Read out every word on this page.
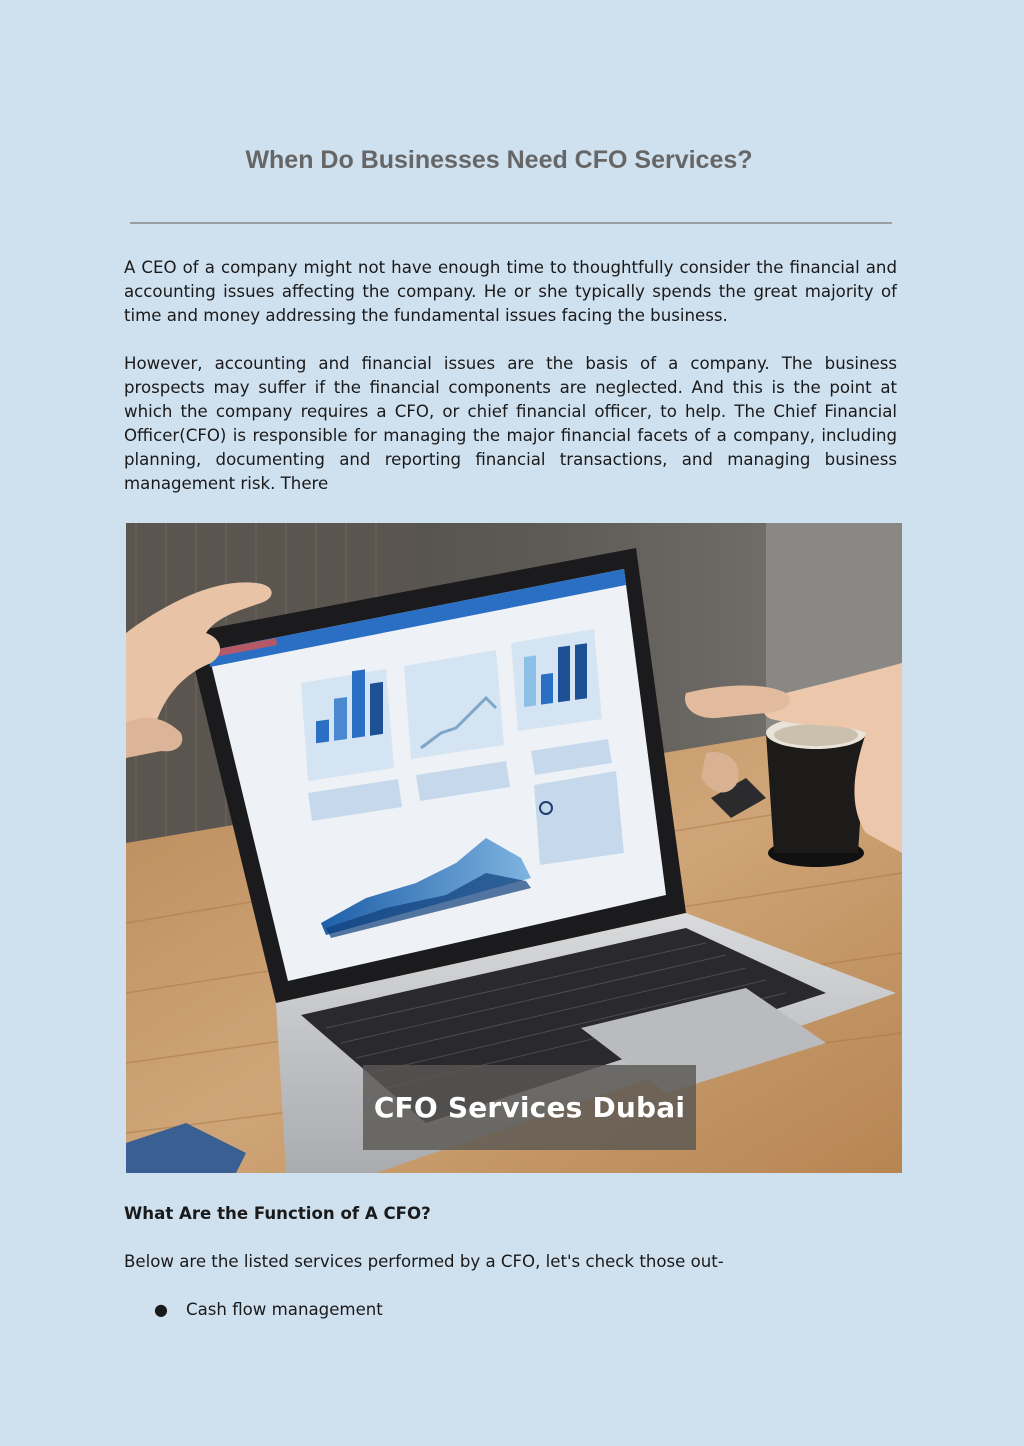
When Do Businesses Need CFO Services?

A CEO of a company might not have enough time to thoughtfully consider the financial and accounting issues affecting the company. He or she typically spends the great majority of time and money addressing the fundamental issues facing the business.

However, accounting and financial issues are the basis of a company. The business prospects may suffer if the financial components are neglected. And this is the point at which the company requires a CFO, or chief financial officer, to help. The Chief Financial Officer(CFO) is responsible for managing the major financial facets of a company, including planning, documenting and reporting financial transactions, and managing business management risk. There

CFO Services Dubai

What Are the Function of A CFO?

Below are the listed services performed by a CFO, let's check those out-

● Cash flow management
